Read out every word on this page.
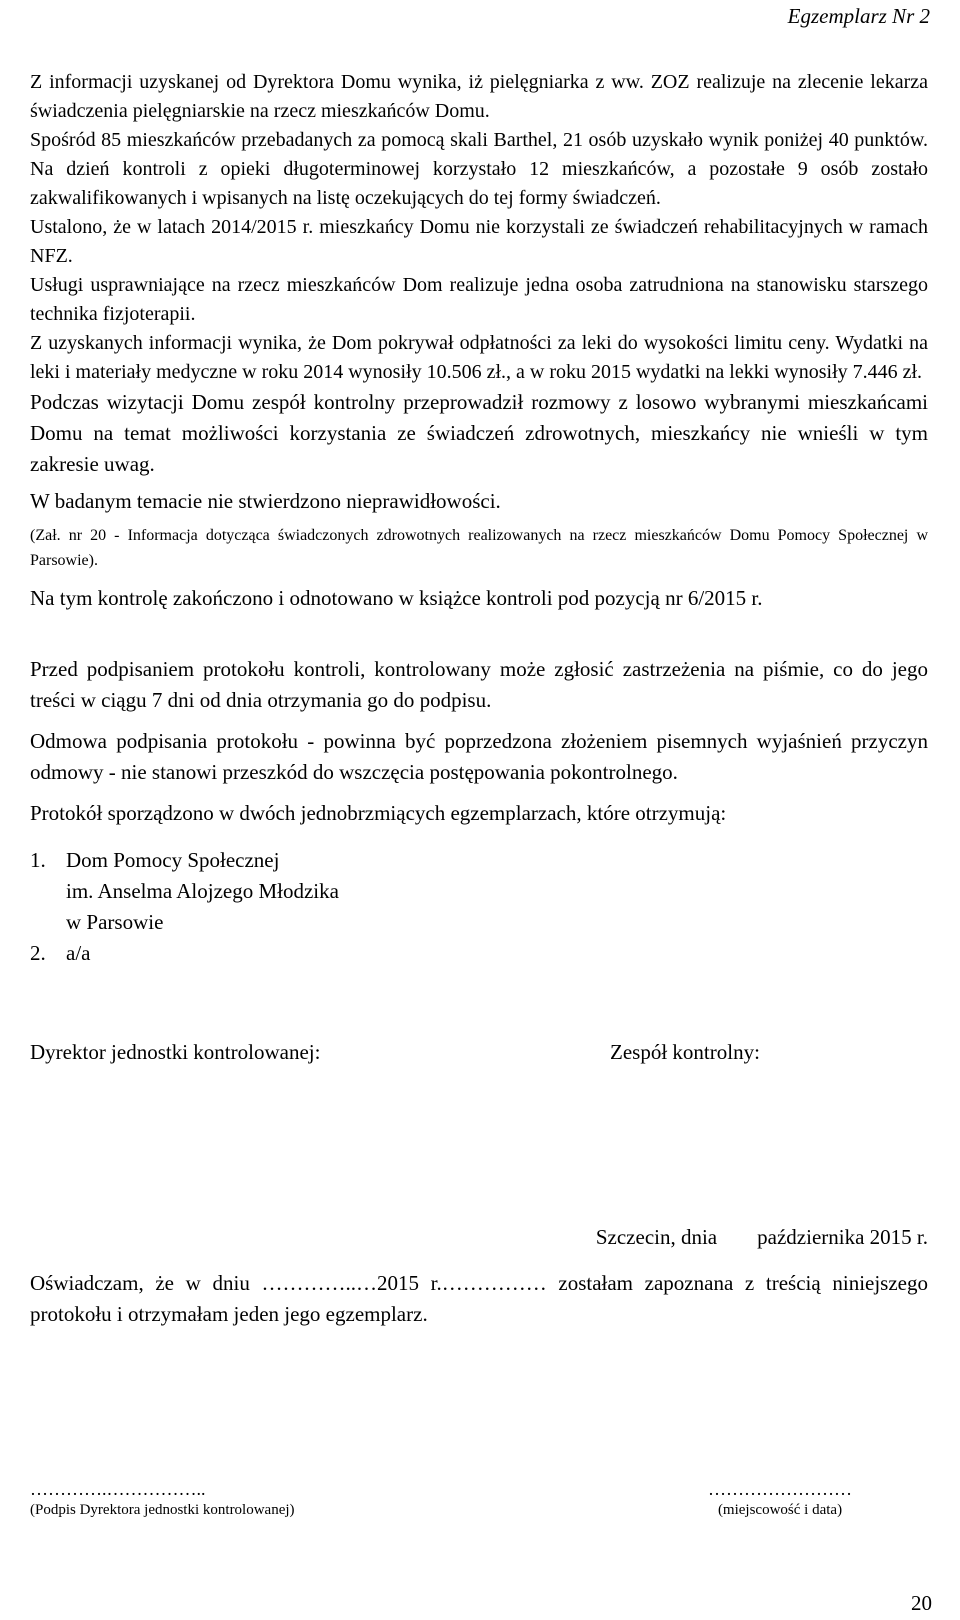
Egzemplarz Nr 2

Z informacji uzyskanej od Dyrektora Domu wynika, iż pielęgniarka z ww. ZOZ realizuje na zlecenie lekarza świadczenia pielęgniarskie na rzecz mieszkańców Domu.

Spośród 85 mieszkańców przebadanych za pomocą skali Barthel, 21 osób uzyskało wynik poniżej 40 punktów. Na dzień kontroli z opieki długoterminowej korzystało 12 mieszkańców, a pozostałe 9 osób zostało zakwalifikowanych i wpisanych na listę oczekujących do tej formy świadczeń.

Ustalono, że w latach 2014/2015 r. mieszkańcy Domu nie korzystali ze świadczeń rehabilitacyjnych w ramach NFZ.

Usługi usprawniające na rzecz mieszkańców Dom realizuje jedna osoba zatrudniona na stanowisku starszego technika fizjoterapii.

Z uzyskanych informacji wynika, że Dom pokrywał odpłatności za leki do wysokości limitu ceny. Wydatki na leki i materiały medyczne w roku 2014 wynosiły 10.506 zł., a w roku 2015 wydatki na lekki wynosiły 7.446 zł.

Podczas wizytacji Domu zespół kontrolny przeprowadził rozmowy z losowo wybranymi mieszkańcami Domu na temat możliwości korzystania ze świadczeń zdrowotnych, mieszkańcy nie wnieśli w tym zakresie uwag.

W badanym temacie nie stwierdzono nieprawidłowości.

(Zał. nr 20 - Informacja dotycząca świadczonych zdrowotnych realizowanych na rzecz mieszkańców Domu Pomocy Społecznej w Parsowie).

Na tym kontrolę zakończono i odnotowano w książce kontroli pod pozycją nr 6/2015 r.

Przed podpisaniem protokołu kontroli, kontrolowany może zgłosić zastrzeżenia na piśmie, co do jego treści w ciągu 7 dni od dnia otrzymania go do podpisu.

Odmowa podpisania protokołu - powinna być poprzedzona złożeniem pisemnych wyjaśnień przyczyn odmowy - nie stanowi przeszkód do wszczęcia postępowania pokontrolnego.

Protokół sporządzono w dwóch jednobrzmiących egzemplarzach, które otrzymują:

1. Dom Pomocy Społecznej
im. Anselma Alojzego Młodzika
w Parsowie
2. a/a
Dyrektor jednostki kontrolowanej:	Zespół kontrolny:
Szczecin, dnia października 2015 r.
Oświadczam, że w dniu …………..…2015 r.…………… zostałam zapoznana z treścią niniejszego protokołu i otrzymałam jeden jego egzemplarz.
………….……………..
(Podpis Dyrektora jednostki kontrolowanej)
……………………
(miejscowość i data)
20
